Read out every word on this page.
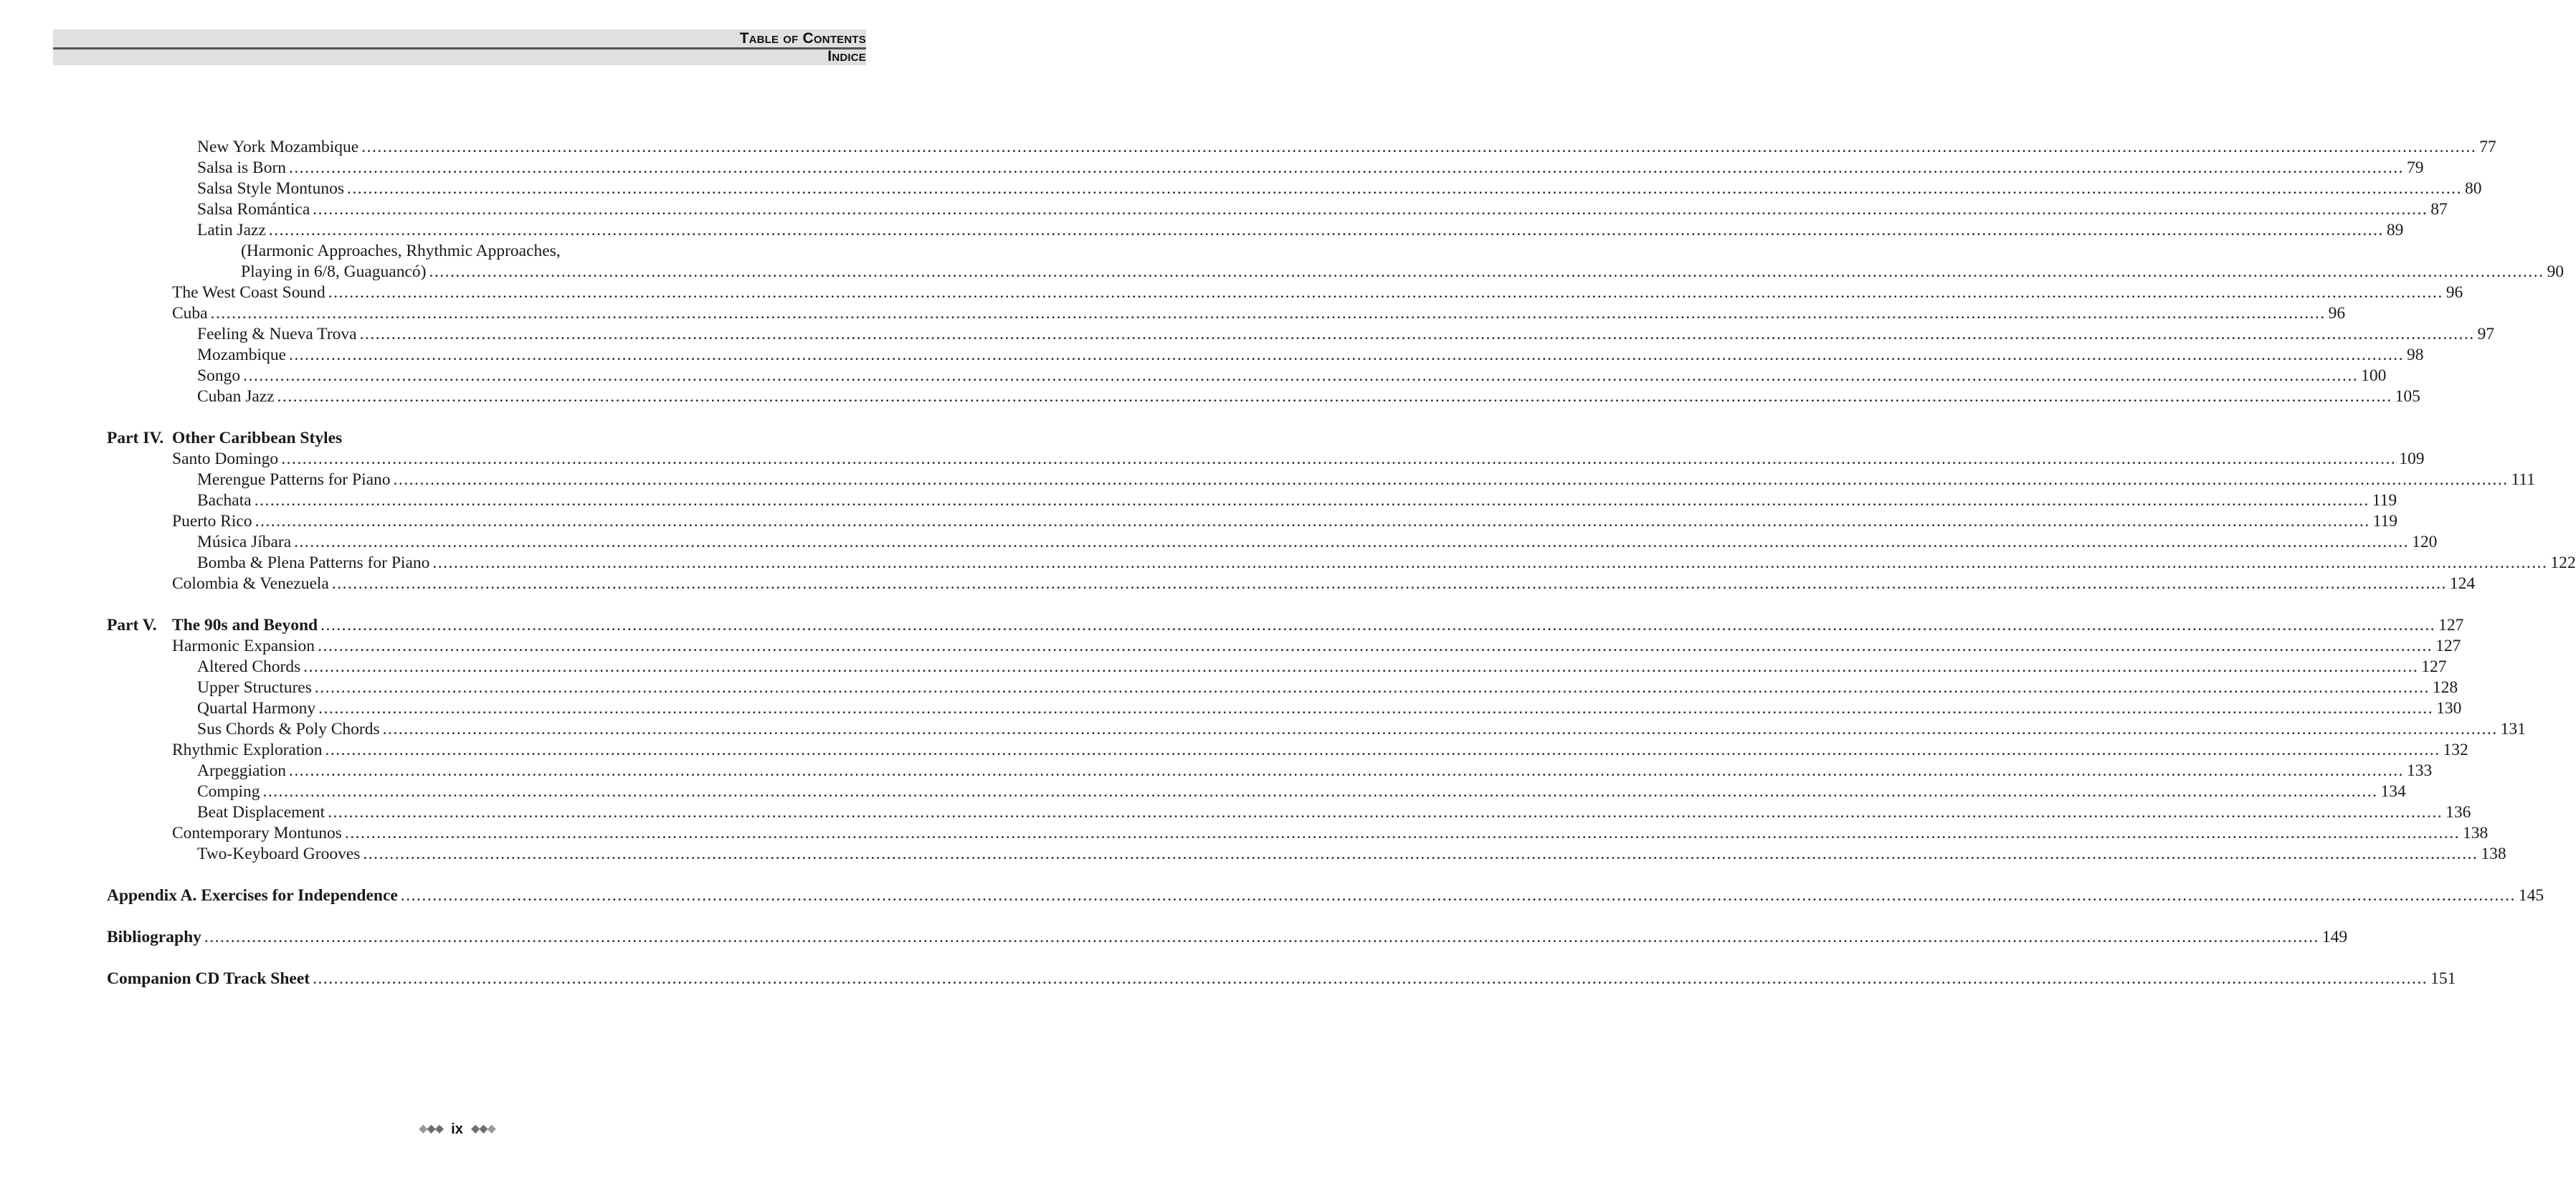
Table of Contents
Indice
New York Mozambique ................................................................................................................................................................................................................................................................................................................................................................................................................ 77
Salsa is Born ................................................................................................................................................................................................................................................................................................................................................................................................................ 79
Salsa Style Montunos ................................................................................................................................................................................................................................................................................................................................................................................................................ 80
Salsa Romántica ................................................................................................................................................................................................................................................................................................................................................................................................................ 87
Latin Jazz ................................................................................................................................................................................................................................................................................................................................................................................................................ 89
(Harmonic Approaches, Rhythmic Approaches,
Playing in 6/8, Guaguancó) ................................................................................................................................................................................................................................................................................................................................................................................................................ 90
The West Coast Sound ................................................................................................................................................................................................................................................................................................................................................................................................................ 96
Cuba ................................................................................................................................................................................................................................................................................................................................................................................................................ 96
Feeling & Nueva Trova ................................................................................................................................................................................................................................................................................................................................................................................................................ 97
Mozambique ................................................................................................................................................................................................................................................................................................................................................................................................................ 98
Songo ................................................................................................................................................................................................................................................................................................................................................................................................................ 100
Cuban Jazz ................................................................................................................................................................................................................................................................................................................................................................................................................ 105
Part IV. Other Caribbean Styles
Santo Domingo ................................................................................................................................................................................................................................................................................................................................................................................................................ 109
Merengue Patterns for Piano ................................................................................................................................................................................................................................................................................................................................................................................................................ 111
Bachata ................................................................................................................................................................................................................................................................................................................................................................................................................ 119
Puerto Rico ................................................................................................................................................................................................................................................................................................................................................................................................................ 119
Música Jíbara ................................................................................................................................................................................................................................................................................................................................................................................................................ 120
Bomba & Plena Patterns for Piano ................................................................................................................................................................................................................................................................................................................................................................................................................ 122
Colombia & Venezuela ................................................................................................................................................................................................................................................................................................................................................................................................................ 124
Part V. The 90s and Beyond ................................................................................................................................................................................................................................................................................................................................................................................................................ 127
Harmonic Expansion ................................................................................................................................................................................................................................................................................................................................................................................................................ 127
Altered Chords ................................................................................................................................................................................................................................................................................................................................................................................................................ 127
Upper Structures ................................................................................................................................................................................................................................................................................................................................................................................................................ 128
Quartal Harmony ................................................................................................................................................................................................................................................................................................................................................................................................................ 130
Sus Chords & Poly Chords ................................................................................................................................................................................................................................................................................................................................................................................................................ 131
Rhythmic Exploration ................................................................................................................................................................................................................................................................................................................................................................................................................ 132
Arpeggiation ................................................................................................................................................................................................................................................................................................................................................................................................................ 133
Comping ................................................................................................................................................................................................................................................................................................................................................................................................................ 134
Beat Displacement ................................................................................................................................................................................................................................................................................................................................................................................................................ 136
Contemporary Montunos ................................................................................................................................................................................................................................................................................................................................................................................................................ 138
Two-Keyboard Grooves ................................................................................................................................................................................................................................................................................................................................................................................................................ 138
Appendix A. Exercises for Independence ................................................................................................................................................................................................................................................................................................................................................................................................................ 145
Bibliography ................................................................................................................................................................................................................................................................................................................................................................................................................ 149
Companion CD Track Sheet ................................................................................................................................................................................................................................................................................................................................................................................................................ 151
◆◆◆ ix ◆◆◆
